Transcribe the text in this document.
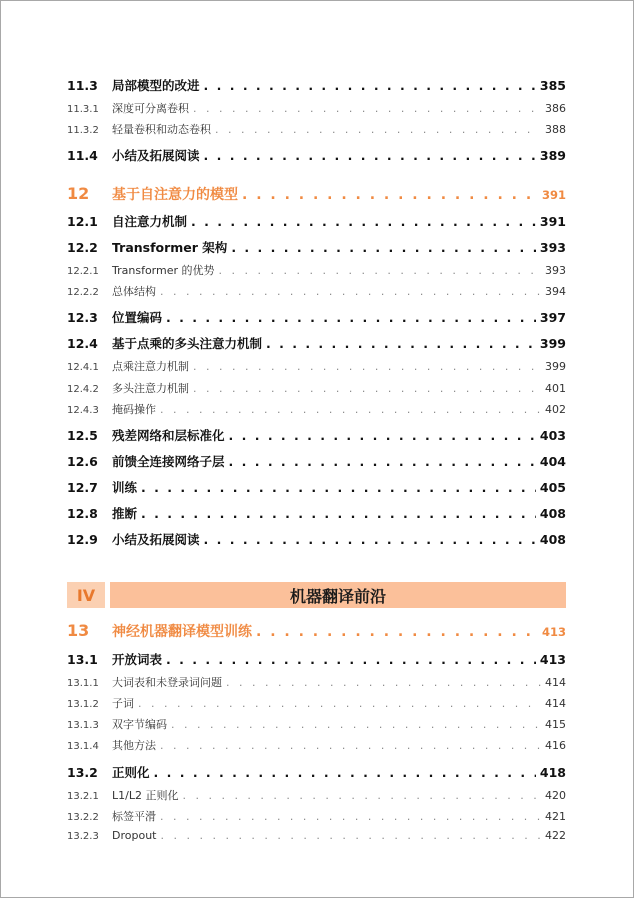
11.3	局部模型的改进 . . .	385
11.3.1	深度可分离卷积 . . .	386
11.3.2	轻量卷积和动态卷积 . . .	388
11.4	小结及拓展阅读 . . .	389
12	基于自注意力的模型 . . .	391
12.1	自注意力机制 . . .	391
12.2	Transformer 架构 . . .	393
12.2.1	Transformer 的优势 . . .	393
12.2.2	总体结构 . . .	394
12.3	位置编码 . . .	397
12.4	基于点乘的多头注意力机制 . . .	399
12.4.1	点乘注意力机制 . . .	399
12.4.2	多头注意力机制 . . .	401
12.4.3	掩码操作 . . .	402
12.5	残差网络和层标准化 . . .	403
12.6	前馈全连接网络子层 . . .	404
12.7	训练 . . .	405
12.8	推断 . . .	408
12.9	小结及拓展阅读 . . .	408
IV	机器翻译前沿
13	神经机器翻译模型训练 . . .	413
13.1	开放词表 . . .	413
13.1.1	大词表和未登录词问题 . . .	414
13.1.2	子词 . . .	414
13.1.3	双字节编码 . . .	415
13.1.4	其他方法 . . .	416
13.2	正则化 . . .	418
13.2.1	L1/L2 正则化 . . .	420
13.2.2	标签平滑 . . .	421
13.2.3	Dropout . . .	422
